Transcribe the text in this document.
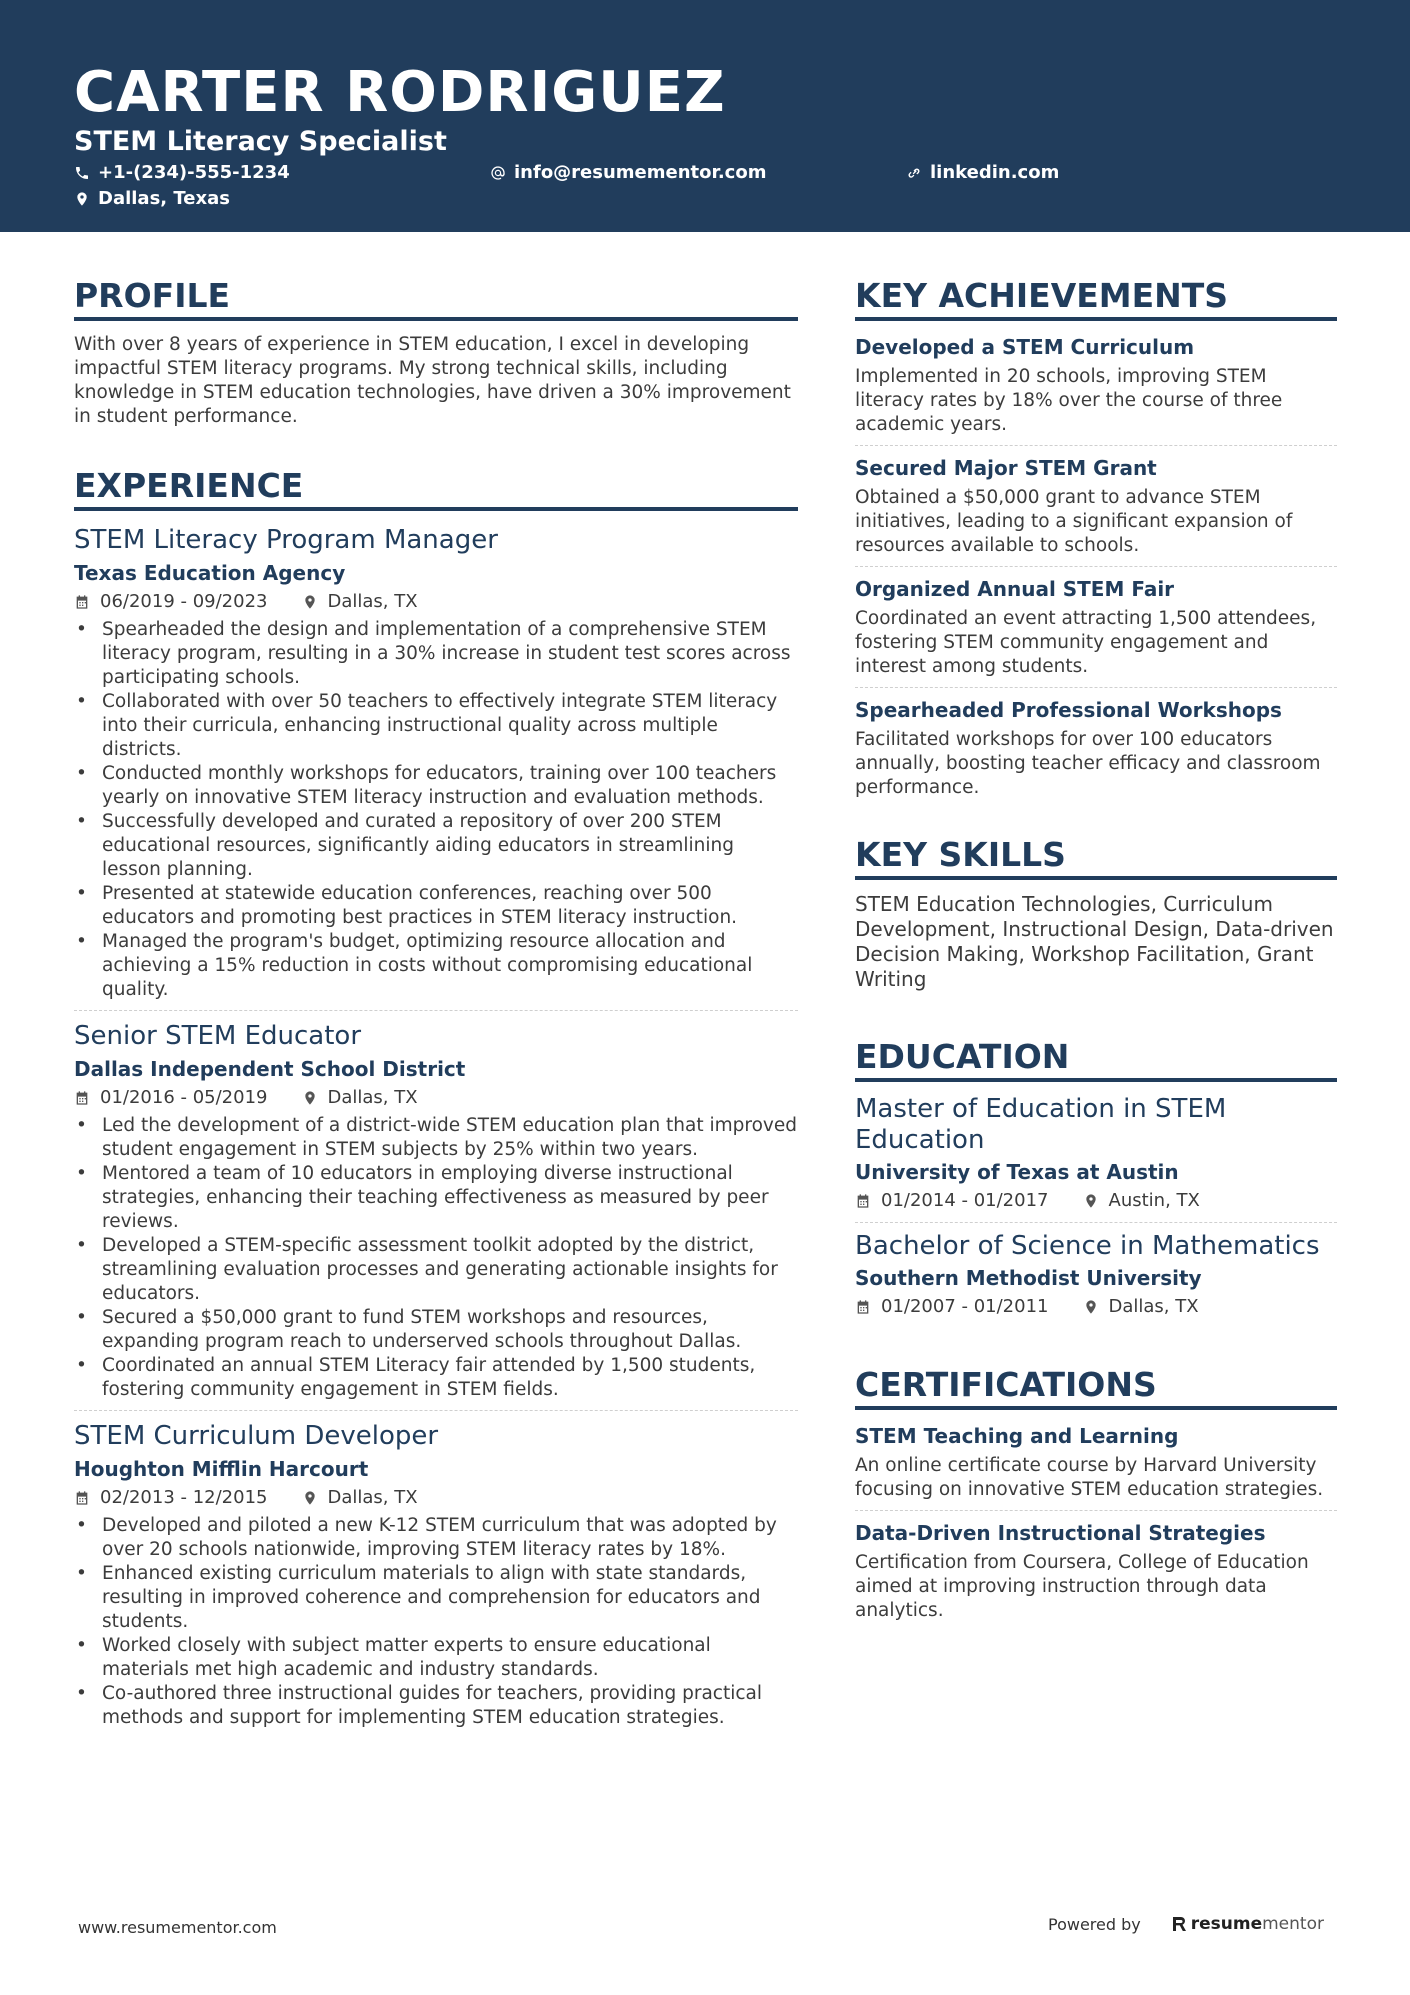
CARTER RODRIGUEZ
STEM Literacy Specialist
+1-(234)-555-1234	info@resumementor.com	linkedin.com
Dallas, Texas
PROFILE
With over 8 years of experience in STEM education, I excel in developing impactful STEM literacy programs. My strong technical skills, including knowledge in STEM education technologies, have driven a 30% improvement in student performance.
EXPERIENCE
STEM Literacy Program Manager
Texas Education Agency
06/2019 - 09/2023	Dallas, TX
• Spearheaded the design and implementation of a comprehensive STEM literacy program, resulting in a 30% increase in student test scores across participating schools.
• Collaborated with over 50 teachers to effectively integrate STEM literacy into their curricula, enhancing instructional quality across multiple districts.
• Conducted monthly workshops for educators, training over 100 teachers yearly on innovative STEM literacy instruction and evaluation methods.
• Successfully developed and curated a repository of over 200 STEM educational resources, significantly aiding educators in streamlining lesson planning.
• Presented at statewide education conferences, reaching over 500 educators and promoting best practices in STEM literacy instruction.
• Managed the program's budget, optimizing resource allocation and achieving a 15% reduction in costs without compromising educational quality.
Senior STEM Educator
Dallas Independent School District
01/2016 - 05/2019	Dallas, TX
• Led the development of a district-wide STEM education plan that improved student engagement in STEM subjects by 25% within two years.
• Mentored a team of 10 educators in employing diverse instructional strategies, enhancing their teaching effectiveness as measured by peer reviews.
• Developed a STEM-specific assessment toolkit adopted by the district, streamlining evaluation processes and generating actionable insights for educators.
• Secured a $50,000 grant to fund STEM workshops and resources, expanding program reach to underserved schools throughout Dallas.
• Coordinated an annual STEM Literacy fair attended by 1,500 students, fostering community engagement in STEM fields.
STEM Curriculum Developer
Houghton Mifflin Harcourt
02/2013 - 12/2015	Dallas, TX
• Developed and piloted a new K-12 STEM curriculum that was adopted by over 20 schools nationwide, improving STEM literacy rates by 18%.
• Enhanced existing curriculum materials to align with state standards, resulting in improved coherence and comprehension for educators and students.
• Worked closely with subject matter experts to ensure educational materials met high academic and industry standards.
• Co-authored three instructional guides for teachers, providing practical methods and support for implementing STEM education strategies.
KEY ACHIEVEMENTS
Developed a STEM Curriculum
Implemented in 20 schools, improving STEM literacy rates by 18% over the course of three academic years.
Secured Major STEM Grant
Obtained a $50,000 grant to advance STEM initiatives, leading to a significant expansion of resources available to schools.
Organized Annual STEM Fair
Coordinated an event attracting 1,500 attendees, fostering STEM community engagement and interest among students.
Spearheaded Professional Workshops
Facilitated workshops for over 100 educators annually, boosting teacher efficacy and classroom performance.
KEY SKILLS
STEM Education Technologies, Curriculum Development, Instructional Design, Data-driven Decision Making, Workshop Facilitation, Grant Writing
EDUCATION
Master of Education in STEM Education
University of Texas at Austin
01/2014 - 01/2017	Austin, TX
Bachelor of Science in Mathematics
Southern Methodist University
01/2007 - 01/2011	Dallas, TX
CERTIFICATIONS
STEM Teaching and Learning
An online certificate course by Harvard University focusing on innovative STEM education strategies.
Data-Driven Instructional Strategies
Certification from Coursera, College of Education aimed at improving instruction through data analytics.
www.resumementor.com	Powered by	resume mentor
